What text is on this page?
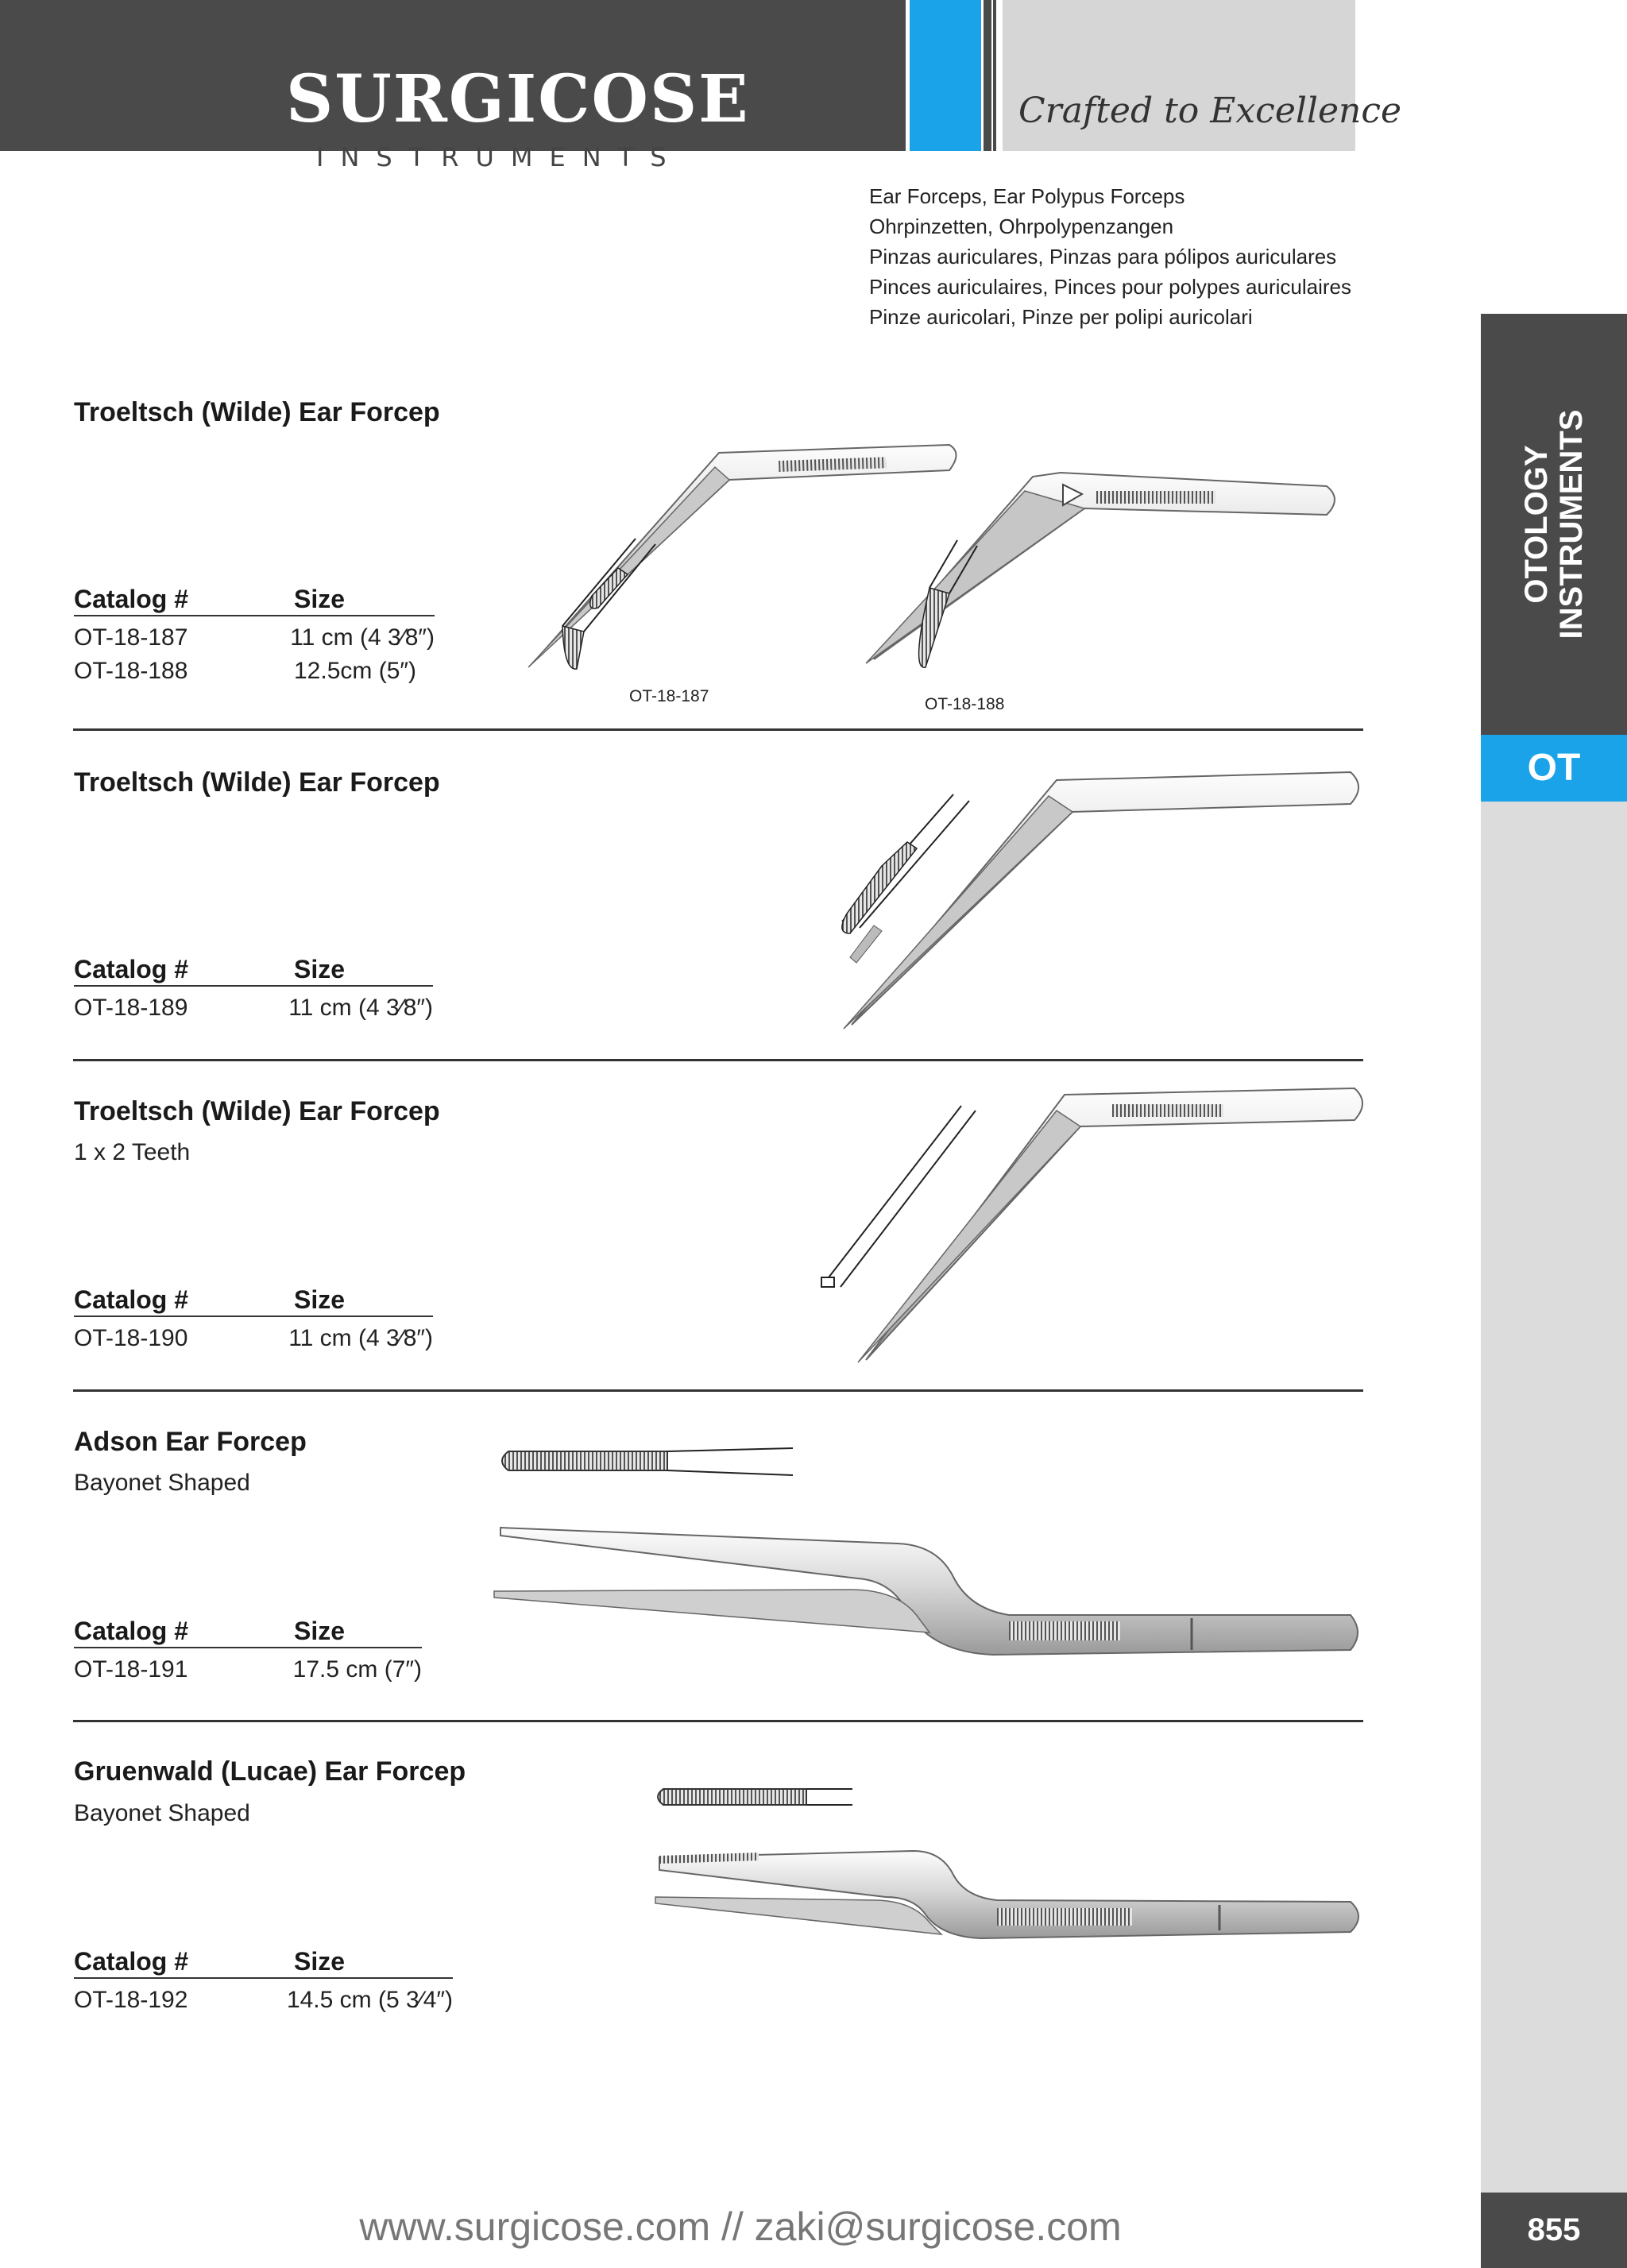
SURGICOSE
INSTRUMENTS
Crafted to Excellence
Ear Forceps, Ear Polypus Forceps
Ohrpinzetten, Ohrpolypenzangen
Pinzas auriculares, Pinzas para pólipos auriculares
Pinces auriculaires, Pinces pour polypes auriculaires
Pinze auricolari, Pinze per polipi auricolari
OTOLOGY INSTRUMENTS
OT
855
Troeltsch (Wilde) Ear Forcep
Catalog #	Size
OT-18-187	11 cm (4 3⁄8″)
OT-18-188	12.5cm (5″)
OT-18-187	OT-18-188
Troeltsch (Wilde) Ear Forcep
Catalog #	Size
OT-18-189	11 cm (4 3⁄8″)
Troeltsch (Wilde) Ear Forcep
1 x 2 Teeth
Catalog #	Size
OT-18-190	11 cm (4 3⁄8″)
Adson Ear Forcep
Bayonet Shaped
Catalog #	Size
OT-18-191	17.5 cm (7″)
Gruenwald (Lucae) Ear Forcep
Bayonet Shaped
Catalog #	Size
OT-18-192	14.5 cm (5 3⁄4″)
www.surgicose.com // zaki@surgicose.com
